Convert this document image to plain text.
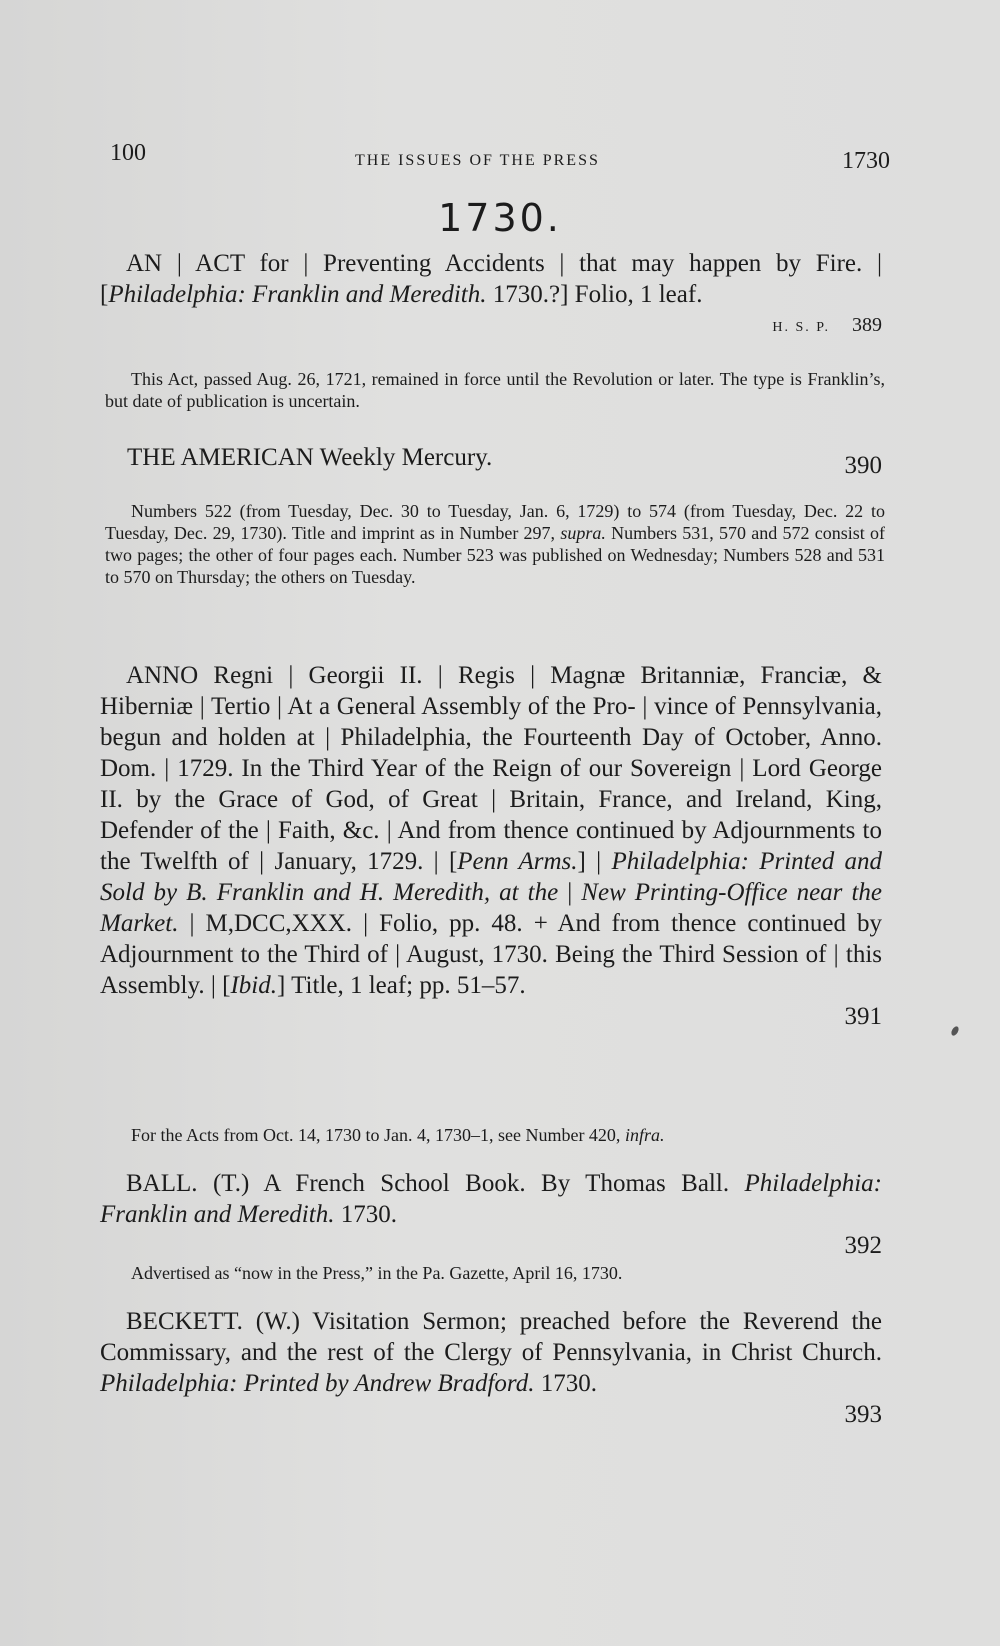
100	THE ISSUES OF THE PRESS	1730
1730.
AN | ACT for | Preventing Accidents | that may happen by Fire. | [Philadelphia: Franklin and Meredith. 1730.?] Folio, 1 leaf.
H. S. P. 389
This Act, passed Aug. 26, 1721, remained in force until the Revolution or later. The type is Franklin’s, but date of publication is uncertain.
THE AMERICAN Weekly Mercury.	390
Numbers 522 (from Tuesday, Dec. 30 to Tuesday, Jan. 6, 1729) to 574 (from Tuesday, Dec. 22 to Tuesday, Dec. 29, 1730). Title and imprint as in Number 297, supra. Numbers 531, 570 and 572 consist of two pages; the other of four pages each. Number 523 was published on Wednesday; Numbers 528 and 531 to 570 on Thursday; the others on Tuesday.
ANNO Regni | Georgii II. | Regis | Magnæ Britanniæ, Franciæ, & Hiberniæ | Tertio | At a General Assembly of the Pro- | vince of Pennsylvania, begun and holden at | Philadelphia, the Fourteenth Day of October, Anno. Dom. | 1729. In the Third Year of the Reign of our Sovereign | Lord George II. by the Grace of God, of Great | Britain, France, and Ireland, King, Defender of the | Faith, &c. | And from thence continued by Adjournments to the Twelfth of | January, 1729. | [Penn Arms.] | Philadelphia: Printed and Sold by B. Franklin and H. Meredith, at the | New Printing-Office near the Market. | M,DCC,XXX. | Folio, pp. 48. + And from thence continued by Adjournment to the Third of | August, 1730. Being the Third Session of | this Assembly. | [Ibid.] Title, 1 leaf; pp. 51–57.
391
For the Acts from Oct. 14, 1730 to Jan. 4, 1730–1, see Number 420, infra.
BALL. (T.) A French School Book. By Thomas Ball. Philadelphia: Franklin and Meredith. 1730.
392
Advertised as “now in the Press,” in the Pa. Gazette, April 16, 1730.
BECKETT. (W.) Visitation Sermon; preached before the Reverend the Commissary, and the rest of the Clergy of Pennsylvania, in Christ Church. Philadelphia: Printed by Andrew Bradford. 1730.
393
